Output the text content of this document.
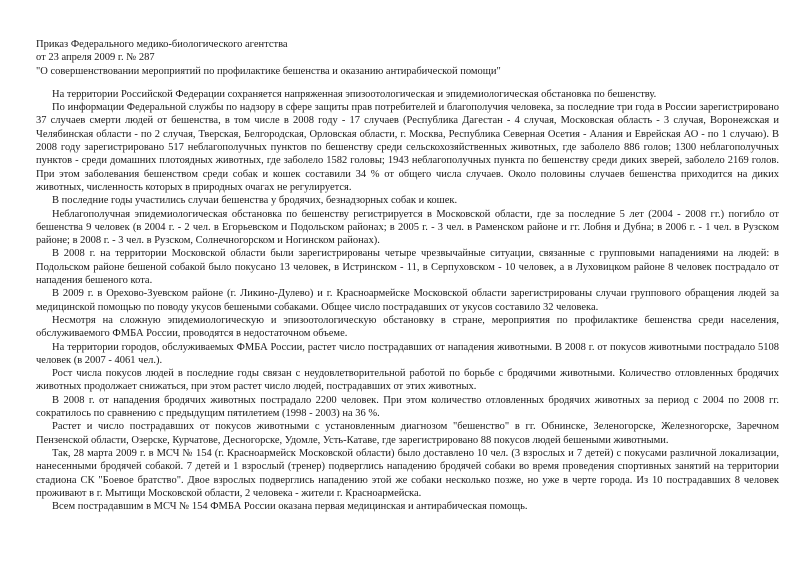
Приказ Федерального медико-биологического агентства

от 23 апреля 2009 г. № 287

"О совершенствовании мероприятий по профилактике бешенства и оказанию антирабической помощи"

На территории Российской Федерации сохраняется напряженная эпизоотологическая и эпидемиологическая обстановка по бешенству.

По информации Федеральной службы по надзору в сфере защиты прав потребителей и благополучия человека, за последние три года в России зарегистрировано 37 случаев смерти людей от бешенства, в том числе в 2008 году - 17 случаев (Республика Дагестан - 4 случая, Московская область - 3 случая, Воронежская и Челябинская области - по 2 случая, Тверская, Белгородская, Орловская области, г. Москва, Республика Северная Осетия - Алания и Еврейская АО - по 1 случаю). В 2008 году зарегистрировано 517 неблагополучных пунктов по бешенству среди сельскохозяйственных животных, где заболело 886 голов; 1300 неблагополучных пунктов - среди домашних плотоядных животных, где заболело 1582 головы; 1943 неблагополучных пункта по бешенству среди диких зверей, заболело 2169 голов. При этом заболевания бешенством среди собак и кошек составили 34 % от общего числа случаев. Около половины случаев бешенства приходится на диких животных, численность которых в природных очагах не регулируется.

В последние годы участились случаи бешенства у бродячих, безнадзорных собак и кошек.

Неблагополучная эпидемиологическая обстановка по бешенству регистрируется в Московской области, где за последние 5 лет (2004 - 2008 гг.) погибло от бешенства 9 человек (в 2004 г. - 2 чел. в Егорьевском и Подольском районах; в 2005 г. - 3 чел. в Раменском районе и гг. Лобня и Дубна; в 2006 г. - 1 чел. в Рузском районе; в 2008 г. - 3 чел. в Рузском, Солнечногорском и Ногинском районах).

В 2008 г. на территории Московской области были зарегистрированы четыре чрезвычайные ситуации, связанные с групповыми нападениями на людей: в Подольском районе бешеной собакой было покусано 13 человек, в Истринском - 11, в Серпуховском - 10 человек, а в Луховицком районе 8 человек пострадало от нападения бешеного кота.

В 2009 г. в Орехово-Зуевском районе (г. Ликино-Дулево) и г. Красноармейске Московской области зарегистрированы случаи группового обращения людей за медицинской помощью по поводу укусов бешеными собаками. Общее число пострадавших от укусов составило 32 человека.

Несмотря на сложную эпидемиологическую и эпизоотологическую обстановку в стране, мероприятия по профилактике бешенства среди населения, обслуживаемого ФМБА России, проводятся в недостаточном объеме.

На территории городов, обслуживаемых ФМБА России, растет число пострадавших от нападения животными. В 2008 г. от покусов животными пострадало 5108 человек (в 2007 - 4061 чел.).

Рост числа покусов людей в последние годы связан с неудовлетворительной работой по борьбе с бродячими животными. Количество отловленных бродячих животных продолжает снижаться, при этом растет число людей, пострадавших от этих животных.

В 2008 г. от нападения бродячих животных пострадало 2200 человек. При этом количество отловленных бродячих животных за период с 2004 по 2008 гг. сократилось по сравнению с предыдущим пятилетием (1998 - 2003) на 36 %.

Растет и число пострадавших от покусов животными с установленным диагнозом "бешенство" в гг. Обнинске, Зеленогорске, Железногорске, Заречном Пензенской области, Озерске, Курчатове, Десногорске, Удомле, Усть-Катаве, где зарегистрировано 88 покусов людей бешеными животными.

Так, 28 марта 2009 г. в МСЧ № 154 (г. Красноармейск Московской области) было доставлено 10 чел. (3 взрослых и 7 детей) с покусами различной локализации, нанесенными бродячей собакой. 7 детей и 1 взрослый (тренер) подверглись нападению бродячей собаки во время проведения спортивных занятий на территории стадиона СК "Боевое братство". Двое взрослых подверглись нападению этой же собаки несколько позже, но уже в черте города. Из 10 пострадавших 8 человек проживают в г. Мытищи Московской области, 2 человека - жители г. Красноармейска.

Всем пострадавшим в МСЧ № 154 ФМБА России оказана первая медицинская и антирабическая помощь.
